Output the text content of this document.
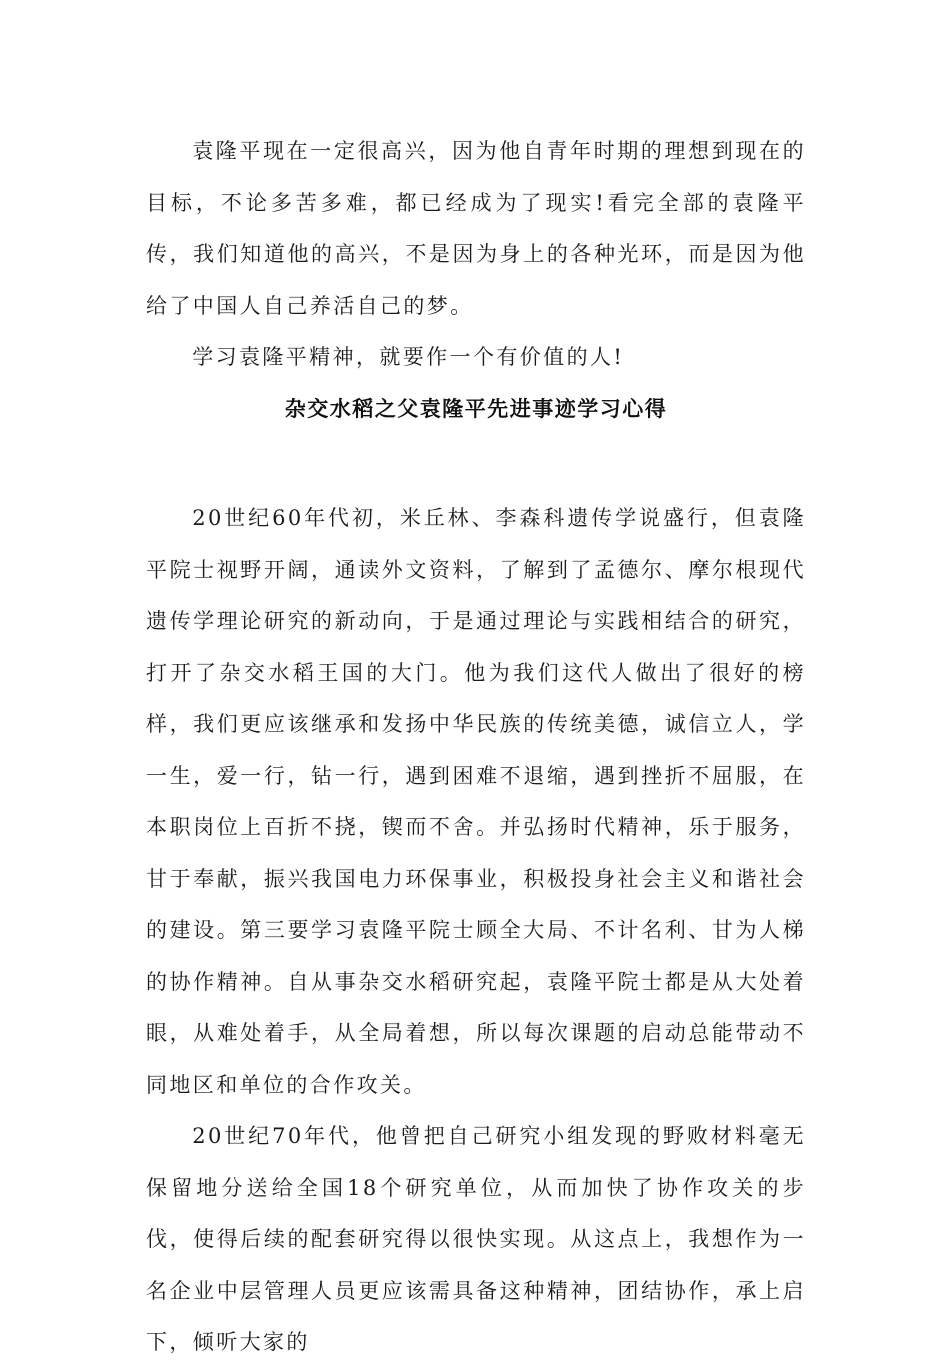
袁隆平现在一定很高兴，因为他自青年时期的理想到现在的目标，不论多苦多难，都已经成为了现实!看完全部的袁隆平传，我们知道他的高兴，不是因为身上的各种光环，而是因为他给了中国人自己养活自己的梦。

学习袁隆平精神，就要作一个有价值的人!

杂交水稻之父袁隆平先进事迹学习心得

20世纪60年代初，米丘林、李森科遗传学说盛行，但袁隆平院士视野开阔，通读外文资料，了解到了孟德尔、摩尔根现代遗传学理论研究的新动向，于是通过理论与实践相结合的研究，打开了杂交水稻王国的大门。他为我们这代人做出了很好的榜样，我们更应该继承和发扬中华民族的传统美德，诚信立人，学一生，爱一行，钻一行，遇到困难不退缩，遇到挫折不屈服，在本职岗位上百折不挠，锲而不舍。并弘扬时代精神，乐于服务，甘于奉献，振兴我国电力环保事业，积极投身社会主义和谐社会的建设。第三要学习袁隆平院士顾全大局、不计名利、甘为人梯的协作精神。自从事杂交水稻研究起，袁隆平院士都是从大处着眼，从难处着手，从全局着想，所以每次课题的启动总能带动不同地区和单位的合作攻关。

20世纪70年代，他曾把自己研究小组发现的野败材料毫无保留地分送给全国18个研究单位，从而加快了协作攻关的步伐，使得后续的配套研究得以很快实现。从这点上，我想作为一名企业中层管理人员更应该需具备这种精神，团结协作，承上启下，倾听大家的
